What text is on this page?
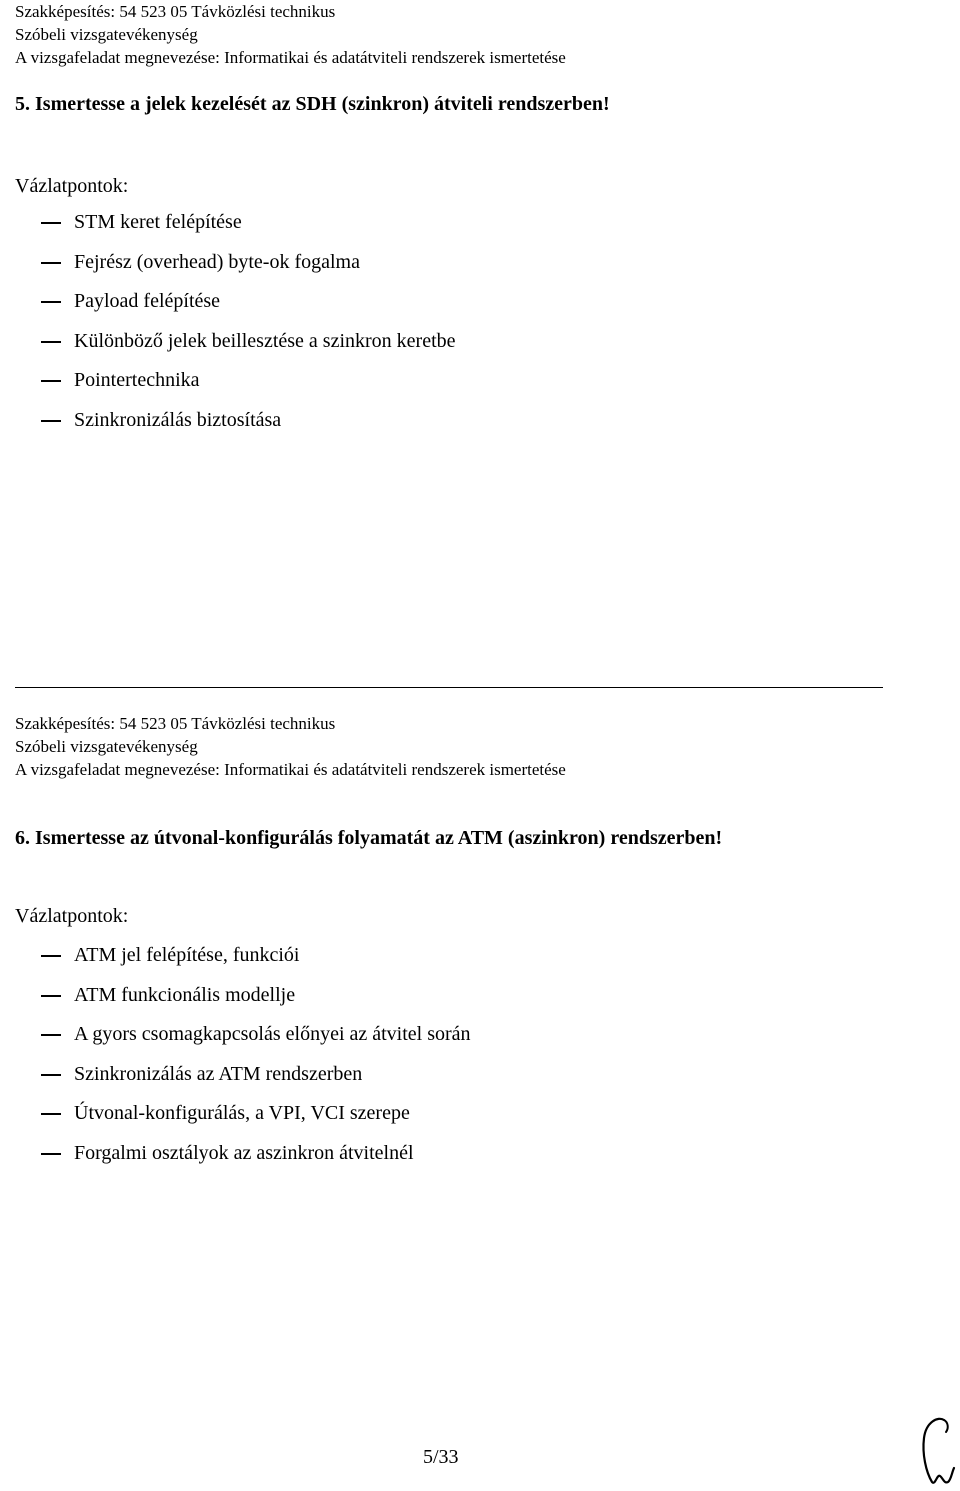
Szakképesítés: 54 523 05 Távközlési technikus
Szóbeli vizsgatevékenység
A vizsgafeladat megnevezése: Informatikai és adatátviteli rendszerek ismertetése
5. Ismertesse a jelek kezelését az SDH (szinkron) átviteli rendszerben!
Vázlatpontok:
STM keret felépítése
Fejrész (overhead) byte-ok fogalma
Payload felépítése
Különböző jelek beillesztése a szinkron keretbe
Pointertechnika
Szinkronizálás biztosítása
Szakképesítés: 54 523 05 Távközlési technikus
Szóbeli vizsgatevékenység
A vizsgafeladat megnevezése: Informatikai és adatátviteli rendszerek ismertetése
6. Ismertesse az útvonal-konfigurálás folyamatát az ATM (aszinkron) rendszerben!
Vázlatpontok:
ATM jel felépítése, funkciói
ATM funkcionális modellje
A gyors csomagkapcsolás előnyei az átvitel során
Szinkronizálás az ATM rendszerben
Útvonal-konfigurálás, a VPI, VCI szerepe
Forgalmi osztályok az aszinkron átvitelnél
5/33
